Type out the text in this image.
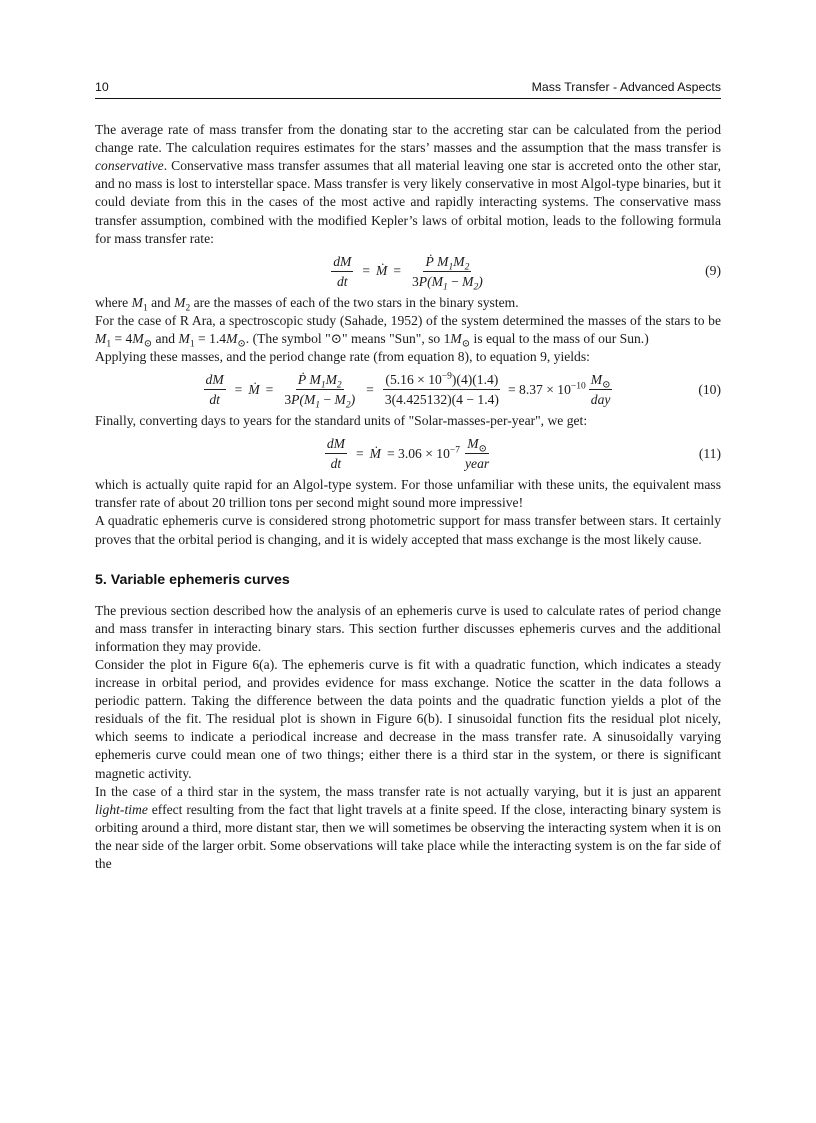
10	Mass Transfer - Advanced Aspects

The average rate of mass transfer from the donating star to the accreting star can be calculated from the period change rate. The calculation requires estimates for the stars’ masses and the assumption that the mass transfer is conservative. Conservative mass transfer assumes that all material leaving one star is accreted onto the other star, and no mass is lost to interstellar space. Mass transfer is very likely conservative in most Algol-type binaries, but it could deviate from this in the cases of the most active and rapidly interacting systems. The conservative mass transfer assumption, combined with the modified Kepler’s laws of orbital motion, leads to the following formula for mass transfer rate:

$\frac{dM}{dt}$ = Ṁ = $\frac{Ṗ M_1M_2}{3P(M_1 - M_2)}$	(9)

where $M_1$ and $M_2$ are the masses of each of the two stars in the binary system.

For the case of R Ara, a spectroscopic study (Sahade, 1952) of the system determined the masses of the stars to be $M_1 = 4M_⊙$ and $M_1 = 1.4M_⊙$. (The symbol "⊙" means "Sun", so $1M_⊙$ is equal to the mass of our Sun.)

Applying these masses, and the period change rate (from equation 8), to equation 9, yields:

$\frac{dM}{dt}$ = Ṁ = $\frac{Ṗ M_1M_2}{3P(M_1 - M_2)} = \frac{(5.16 \times 10^{-9})(4)(1.4)}{3(4.425132)(4 - 1.4)} = 8.37 \times 10^{-10} \frac{M_⊙}{\text{day}}$	(10)

Finally, converting days to years for the standard units of "Solar-masses-per-year", we get:

$\frac{dM}{dt}$ = Ṁ = $3.06 \times 10^{-7} \frac{M_⊙}{\text{year}}$	(11)

which is actually quite rapid for an Algol-type system. For those unfamiliar with these units, the equivalent mass transfer rate of about 20 trillion tons per second might sound more impressive!

A quadratic ephemeris curve is considered strong photometric support for mass transfer between stars. It certainly proves that the orbital period is changing, and it is widely accepted that mass exchange is the most likely cause.

5. Variable ephemeris curves

The previous section described how the analysis of an ephemeris curve is used to calculate rates of period change and mass transfer in interacting binary stars. This section further discusses ephemeris curves and the additional information they may provide.

Consider the plot in Figure 6(a). The ephemeris curve is fit with a quadratic function, which indicates a steady increase in orbital period, and provides evidence for mass exchange. Notice the scatter in the data follows a periodic pattern. Taking the difference between the data points and the quadratic function yields a plot of the residuals of the fit. The residual plot is shown in Figure 6(b). I sinusoidal function fits the residual plot nicely, which seems to indicate a periodical increase and decrease in the mass transfer rate. A sinusoidally varying ephemeris curve could mean one of two things; either there is a third star in the system, or there is significant magnetic activity.

In the case of a third star in the system, the mass transfer rate is not actually varying, but it is just an apparent light-time effect resulting from the fact that light travels at a finite speed. If the close, interacting binary system is orbiting around a third, more distant star, then we will sometimes be observing the interacting system when it is on the near side of the larger orbit. Some observations will take place while the interacting system is on the far side of the
